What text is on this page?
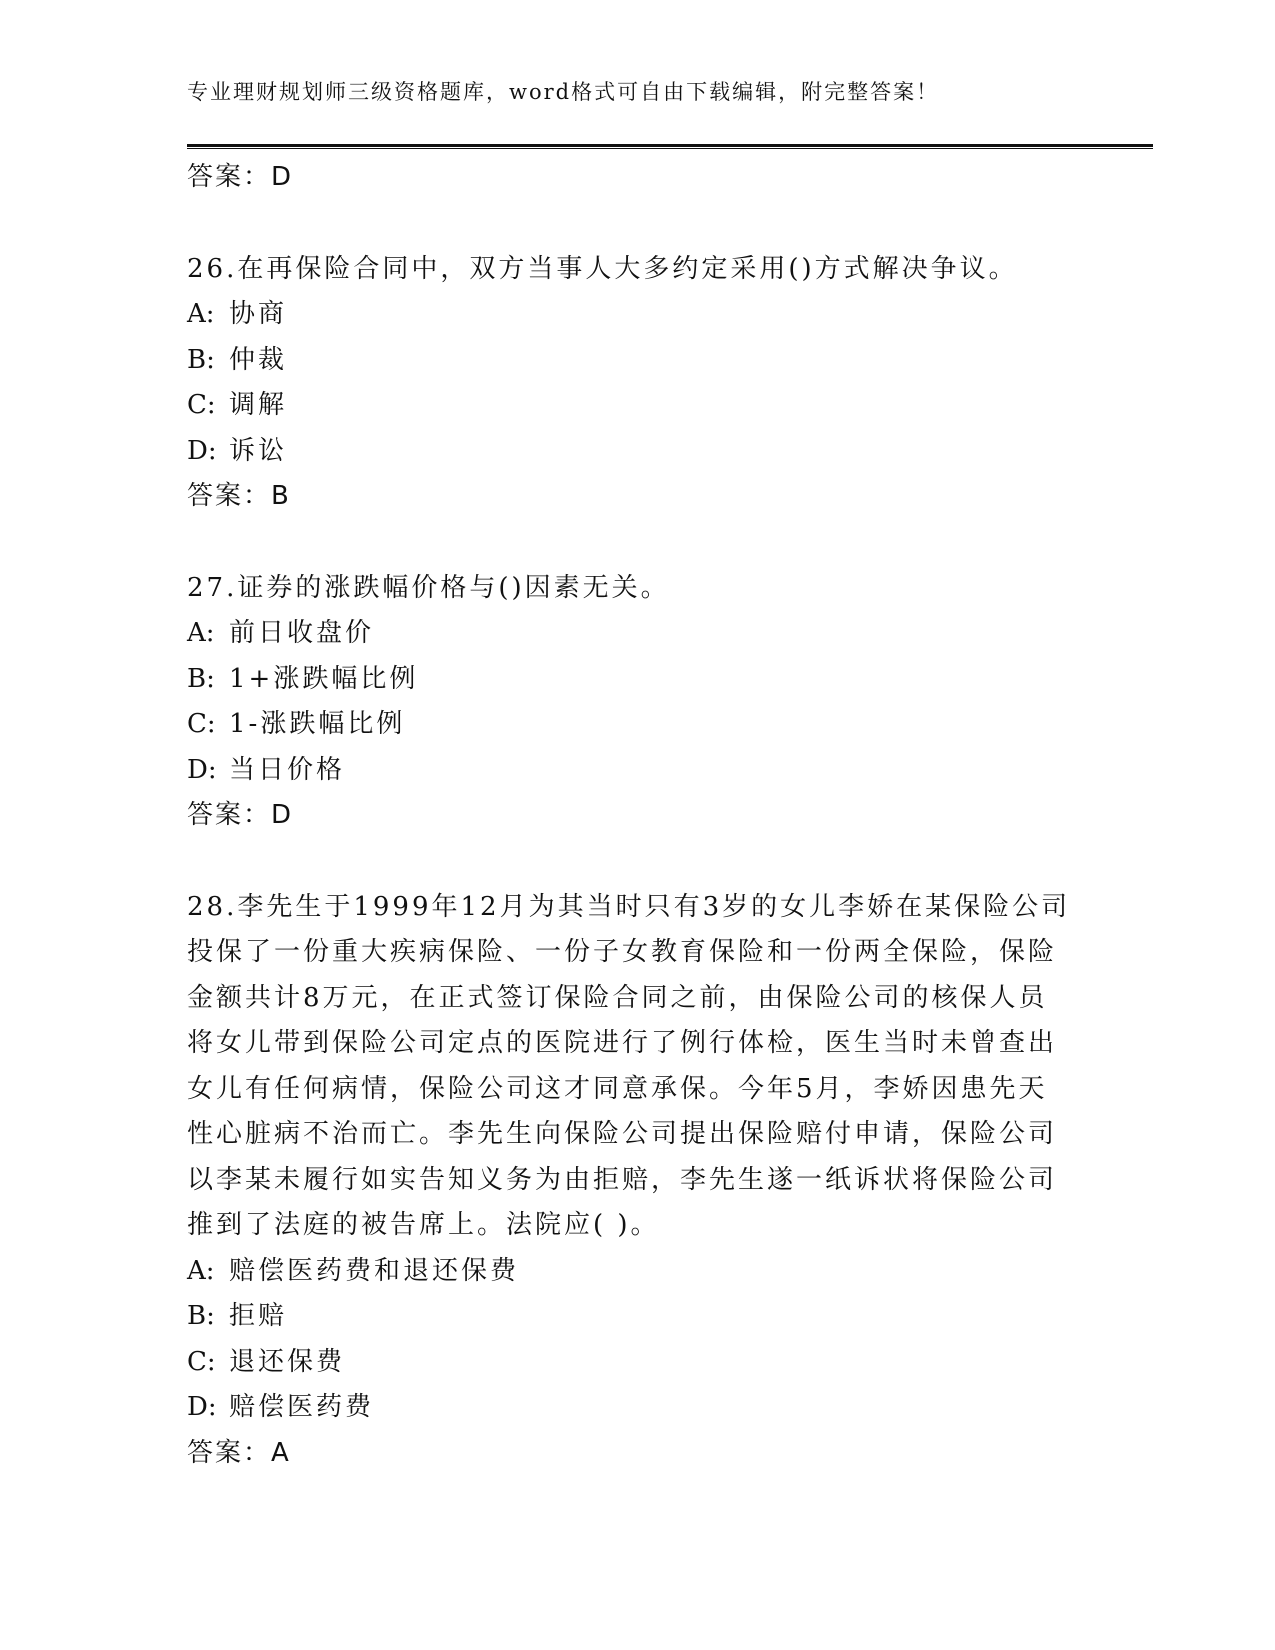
专业理财规划师三级资格题库，word格式可自由下载编辑，附完整答案！
答案：D
26.在再保险合同中，双方当事人大多约定采用()方式解决争议。
A: 协商
B: 仲裁
C: 调解
D: 诉讼
答案：B
27.证券的涨跌幅价格与()因素无关。
A: 前日收盘价
B: 1+涨跌幅比例
C: 1-涨跌幅比例
D: 当日价格
答案：D
28.李先生于1999年12月为其当时只有3岁的女儿李娇在某保险公司
投保了一份重大疾病保险、一份子女教育保险和一份两全保险，保险
金额共计8万元，在正式签订保险合同之前，由保险公司的核保人员
将女儿带到保险公司定点的医院进行了例行体检，医生当时未曾查出
女儿有任何病情，保险公司这才同意承保。今年5月，李娇因患先天
性心脏病不治而亡。李先生向保险公司提出保险赔付申请，保险公司
以李某未履行如实告知义务为由拒赔，李先生遂一纸诉状将保险公司
推到了法庭的被告席上。法院应( )。
A: 赔偿医药费和退还保费
B: 拒赔
C: 退还保费
D: 赔偿医药费
答案：A
